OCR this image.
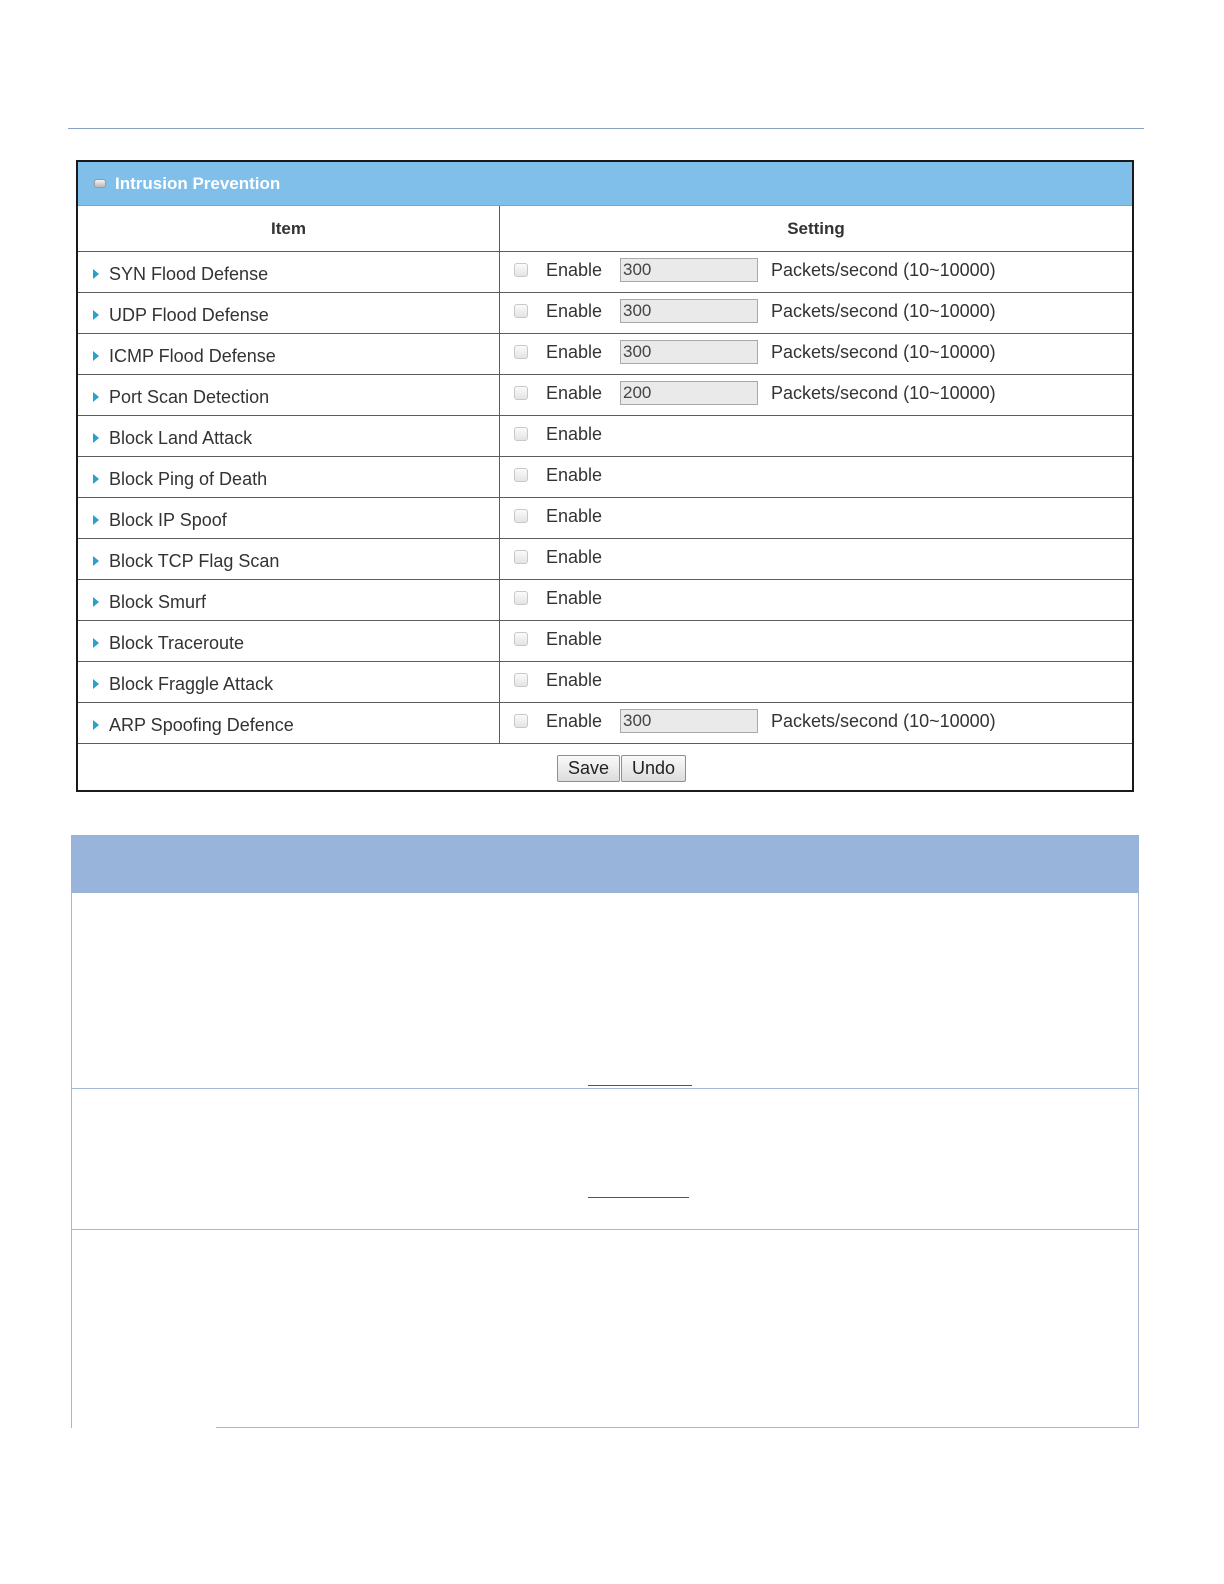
Intrusion Prevention
Item	Setting

SYN Flood Defense	Enable 300 Packets/second (10~10000)

UDP Flood Defense	Enable 300 Packets/second (10~10000)

ICMP Flood Defense	Enable 300 Packets/second (10~10000)

Port Scan Detection	Enable 200 Packets/second (10~10000)

Block Land Attack	Enable

Block Ping of Death	Enable

Block IP Spoof	Enable

Block TCP Flag Scan	Enable

Block Smurf	Enable

Block Traceroute	Enable

Block Fraggle Attack	Enable

ARP Spoofing Defence	Enable 300 Packets/second (10~10000)
Save	Undo
